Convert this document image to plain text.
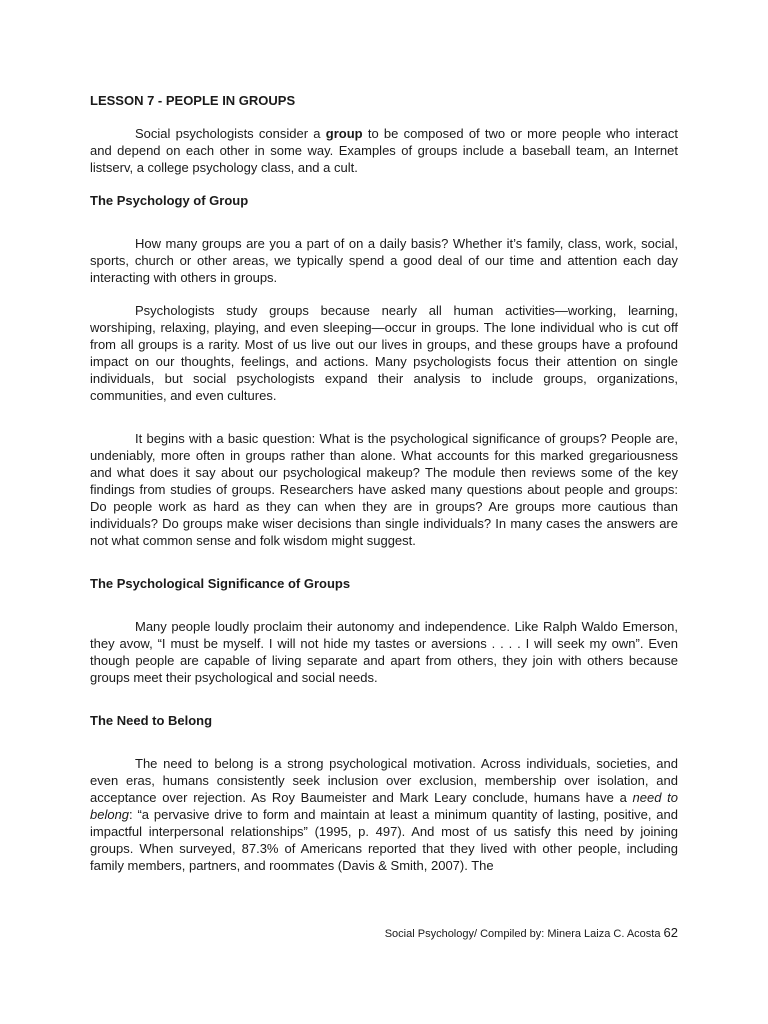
LESSON 7 - PEOPLE IN GROUPS

Social psychologists consider a group to be composed of two or more people who interact and depend on each other in some way. Examples of groups include a baseball team, an Internet listserv, a college psychology class, and a cult.

The Psychology of Group

How many groups are you a part of on a daily basis? Whether it’s family, class, work, social, sports, church or other areas, we typically spend a good deal of our time and attention each day interacting with others in groups.

Psychologists study groups because nearly all human activities—working, learning, worshiping, relaxing, playing, and even sleeping—occur in groups. The lone individual who is cut off from all groups is a rarity. Most of us live out our lives in groups, and these groups have a profound impact on our thoughts, feelings, and actions. Many psychologists focus their attention on single individuals, but social psychologists expand their analysis to include groups, organizations, communities, and even cultures.

It begins with a basic question: What is the psychological significance of groups? People are, undeniably, more often in groups rather than alone. What accounts for this marked gregariousness and what does it say about our psychological makeup? The module then reviews some of the key findings from studies of groups. Researchers have asked many questions about people and groups: Do people work as hard as they can when they are in groups? Are groups more cautious than individuals? Do groups make wiser decisions than single individuals? In many cases the answers are not what common sense and folk wisdom might suggest.

The Psychological Significance of Groups

Many people loudly proclaim their autonomy and independence. Like Ralph Waldo Emerson, they avow, “I must be myself. I will not hide my tastes or aversions . . . . I will seek my own”. Even though people are capable of living separate and apart from others, they join with others because groups meet their psychological and social needs.

The Need to Belong

The need to belong is a strong psychological motivation. Across individuals, societies, and even eras, humans consistently seek inclusion over exclusion, membership over isolation, and acceptance over rejection. As Roy Baumeister and Mark Leary conclude, humans have a need to belong: “a pervasive drive to form and maintain at least a minimum quantity of lasting, positive, and impactful interpersonal relationships” (1995, p. 497). And most of us satisfy this need by joining groups. When surveyed, 87.3% of Americans reported that they lived with other people, including family members, partners, and roommates (Davis & Smith, 2007). The

Social Psychology/ Compiled by: Minera Laiza C. Acosta 62
